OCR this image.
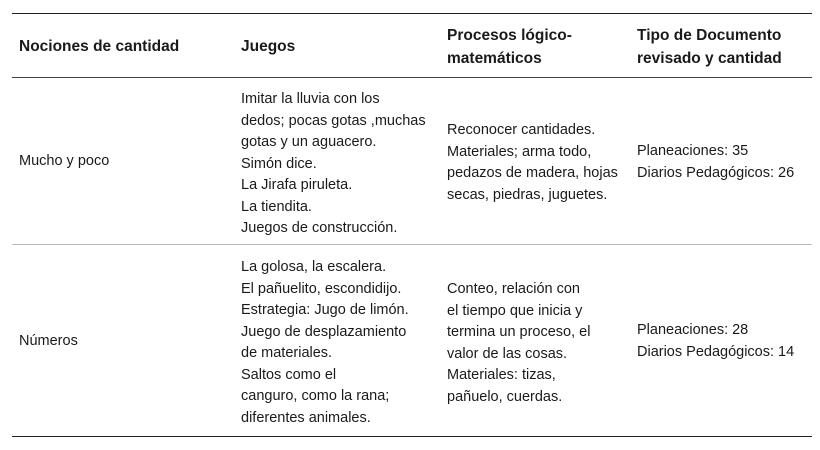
Nociones de cantidad	Juegos
Procesos lógico-
matemáticos
Tipo de Documento
revisado y cantidad
Mucho y poco
Imitar la lluvia con los
dedos; pocas gotas ,muchas
gotas y un aguacero.
Simón dice.
La Jirafa piruleta.
La tiendita.
Juegos de construcción.
Reconocer cantidades.
Materiales; arma todo,
pedazos de madera, hojas
secas, piedras, juguetes.
Planeaciones: 35
Diarios Pedagógicos: 26
Números
La golosa, la escalera.
El pañuelito, escondidijo.
Estrategia: Jugo de limón.
Juego de desplazamiento
de materiales.
Saltos como el
canguro, como la rana;
diferentes animales.
Conteo, relación con
el tiempo que inicia y
termina un proceso, el
valor de las cosas.
Materiales: tizas,
pañuelo, cuerdas.
Planeaciones: 28
Diarios Pedagógicos: 14
